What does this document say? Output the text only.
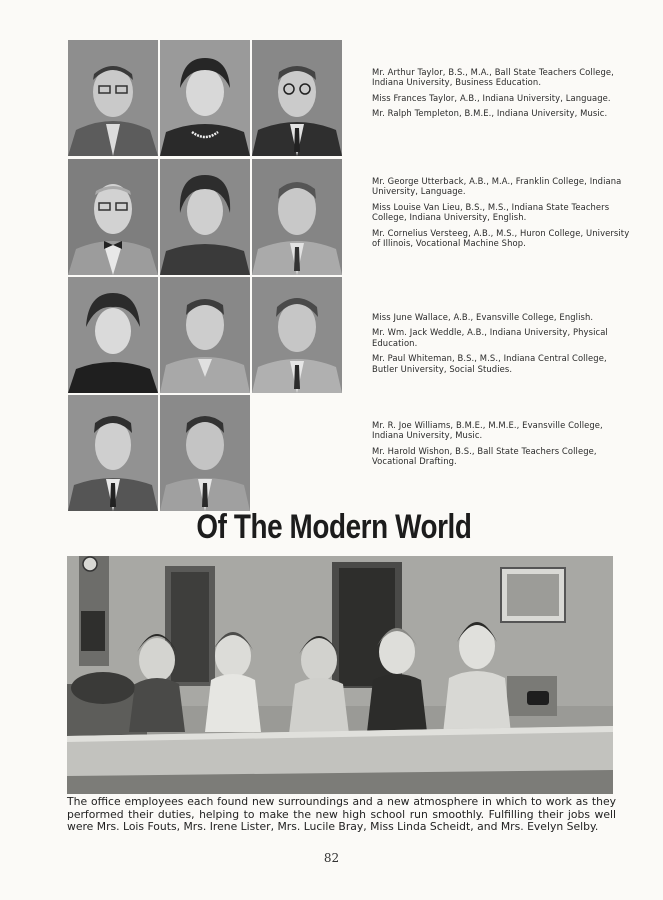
Mr. Arthur Taylor, B.S., M.A., Ball State Teachers College, Indiana University, Business Education.

Miss Frances Taylor, A.B., Indiana University, Language.

Mr. Ralph Templeton, B.M.E., Indiana University, Music.

Mr. George Utterback, A.B., M.A., Franklin College, Indiana University, Language.

Miss Louise Van Lieu, B.S., M.S., Indiana State Teachers College, Indiana University, English.

Mr. Cornelius Versteeg, A.B., M.S., Huron College, University of Illinois, Vocational Machine Shop.

Miss June Wallace, A.B., Evansville College, English.

Mr. Wm. Jack Weddle, A.B., Indiana University, Physical Education.

Mr. Paul Whiteman, B.S., M.S., Indiana Central College, Butler University, Social Studies.

Mr. R. Joe Williams, B.M.E., M.M.E., Evansville College, Indiana University, Music.

Mr. Harold Wishon, B.S., Ball State Teachers College, Vocational Drafting.

Of The Modern World
The office employees each found new surroundings and a new atmosphere in which to work as they performed their duties, helping to make the new high school run smoothly. Fulfilling their jobs well were Mrs. Lois Fouts, Mrs. Irene Lister, Mrs. Lucile Bray, Miss Linda Scheidt, and Mrs. Evelyn Selby.
82
